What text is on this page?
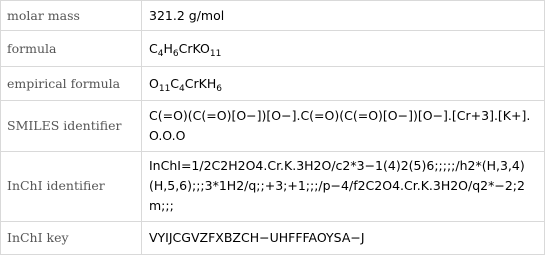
molar mass	321.2 g/mol
formula	$C_4H_6CrKO_{11}$
empirical formula	$O_{11}C_4CrKH_6$
SMILES identifier	C(=O)(C(=O)[O−])[O−].C(=O)(C(=O)[O−])[O−].[Cr+3].[K+].O.O.O
InChI identifier	InChI=1/2C2H2O4.Cr.K.3H2O/c2*3−1(4)2(5)6;;;;;/h2*(H,3,4)(H,5,6);;;3*1H2/q;;+3;+1;;;/p−4/f2C2O4.Cr.K.3H2O/q2*−2;2m;;;
InChI key	VYIJCGVZFXBZCH−UHFFFAOYSA−J
